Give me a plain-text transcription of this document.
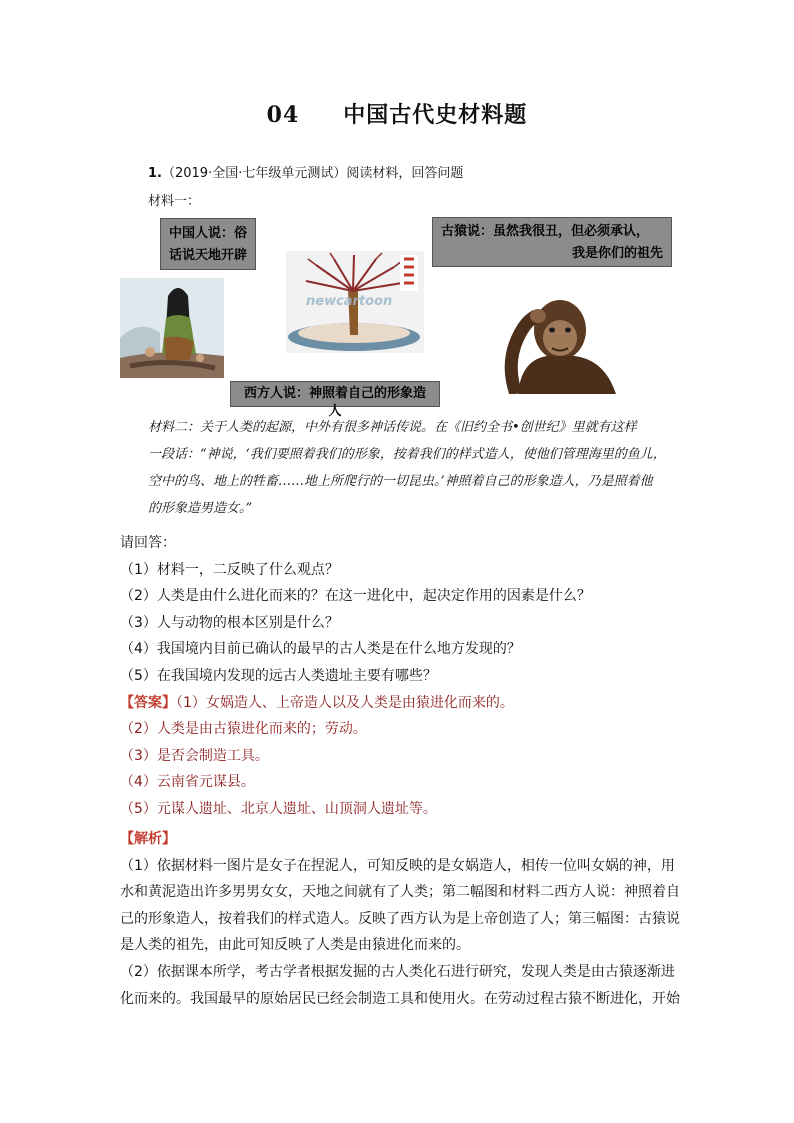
04 中国古代史材料题
1.（2019·全国·七年级单元测试）阅读材料，回答问题
材料一：
中国人说：俗
话说天地开辟
古猿说：虽然我很丑，但必须承认，
我是你们的祖先
西方人说：神照着自己的形象造人
newcartoon
材料二：关于人类的起源，中外有很多神话传说。在《旧约全书•创世纪》里就有这样
一段话：“神说，‘我们要照着我们的形象，按着我们的样式造人，使他们管理海里的鱼儿，
空中的鸟、地上的牲畜……地上所爬行的一切昆虫。’神照着自己的形象造人，乃是照着他
的形象造男造女。”
请回答：
（1）材料一，二反映了什么观点？
（2）人类是由什么进化而来的？在这一进化中，起决定作用的因素是什么？
（3）人与动物的根本区别是什么？
（4）我国境内目前已确认的最早的古人类是在什么地方发现的？
（5）在我国境内发现的远古人类遗址主要有哪些？
【答案】（1）女娲造人、上帝造人以及人类是由猿进化而来的。
（2）人类是由古猿进化而来的；劳动。
（3）是否会制造工具。
（4）云南省元谋县。
（5）元谋人遗址、北京人遗址、山顶洞人遗址等。
【解析】
（1）依据材料一图片是女子在捏泥人，可知反映的是女娲造人，相传一位叫女娲的神，用
水和黄泥造出许多男男女女，天地之间就有了人类；第二幅图和材料二西方人说：神照着自
己的形象造人，按着我们的样式造人。反映了西方认为是上帝创造了人；第三幅图：古猿说
是人类的祖先，由此可知反映了人类是由猿进化而来的。
（2）依据课本所学，考古学者根据发掘的古人类化石进行研究，发现人类是由古猿逐渐进
化而来的。我国最早的原始居民已经会制造工具和使用火。在劳动过程古猿不断进化，开始
